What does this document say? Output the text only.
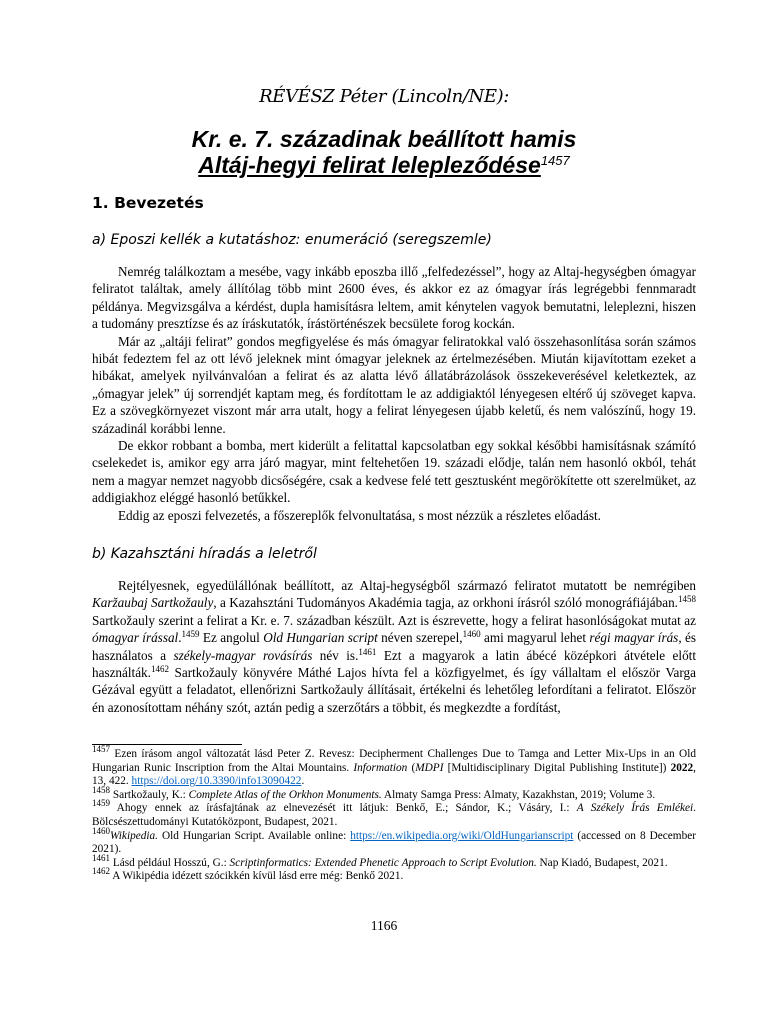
RÉVÉSZ Péter (Lincoln/NE):
Kr. e. 7. századinak beállított hamis
Altáj-hegyi felirat lelepleződése$^{1457}$
1. Bevezetés
a) Eposzi kellék a kutatáshoz: enumeráció (seregszemle)

Nemrég találkoztam a mesébe, vagy inkább eposzba illő „felfedezéssel”, hogy az Altaj-hegységben ómagyar feliratot találtak, amely állítólag több mint 2600 éves, és akkor ez az ómagyar írás legrégebbi fennmaradt példánya. Megvizsgálva a kérdést, dupla hamisításra leltem, amit kénytelen vagyok bemutatni, leleplezni, hiszen a tudomány presztízse és az íráskutatók, írástörténészek becsülete forog kockán.

Már az „altáji felirat” gondos megfigyelése és más ómagyar feliratokkal való összehasonlítása során számos hibát fedeztem fel az ott lévő jeleknek mint ómagyar jeleknek az értelmezésében. Miután kijavítottam ezeket a hibákat, amelyek nyilvánvalóan a felirat és az alatta lévő állatábrázolások összekeverésével keletkeztek, az „ómagyar jelek” új sorrendjét kaptam meg, és fordítottam le az addigiaktól lényegesen eltérő új szöveget kapva. Ez a szövegkörnyezet viszont már arra utalt, hogy a felirat lényegesen újabb keletű, és nem valószínű, hogy 19. századinál korábbi lenne.

De ekkor robbant a bomba, mert kiderült a felitattal kapcsolatban egy sokkal későbbi hamisításnak számító cselekedet is, amikor egy arra járó magyar, mint feltehetően 19. századi elődje, talán nem hasonló okból, tehát nem a magyar nemzet nagyobb dicsőségére, csak a kedvese felé tett gesztusként megörökítette ott szerelmüket, az addigiakhoz eléggé hasonló betűkkel.

Eddig az eposzi felvezetés, a főszereplők felvonultatása, s most nézzük a részletes előadást.

b) Kazahsztáni híradás a leletről

Rejtélyesnek, egyedülállónak beállított, az Altaj-hegységből származó feliratot mutatott be nemrégiben Karžaubaj Sartkožauly, a Kazahsztáni Tudományos Akadémia tagja, az orkhoni írásról szóló monográfiájában.$^{1458}$ Sartkožauly szerint a felirat a Kr. e. 7. században készült. Azt is észrevette, hogy a felirat hasonlóságokat mutat az ómagyar írással.$^{1459}$ Ez angolul Old Hungarian script néven szerepel,$^{1460}$ ami magyarul lehet régi magyar írás, és használatos a székely-magyar rovásírás név is.$^{1461}$ Ezt a magyarok a latin ábécé középkori átvétele előtt használták.$^{1462}$ Sartkožauly könyvére Máthé Lajos hívta fel a közfigyelmet, és így vállaltam el először Varga Gézával együtt a feladatot, ellenőrizni Sartkožauly állításait, értékelni és lehetőleg lefordítani a feliratot. Először én azonosítottam néhány szót, aztán pedig a szerzőtárs a többit, és megkezdte a fordítást,

$^{1457}$ Ezen írásom angol változatát lásd Peter Z. Revesz: Decipherment Challenges Due to Tamga and Letter Mix-Ups in an Old Hungarian Runic Inscription from the Altai Mountains. Information (MDPI [Multidisciplinary Digital Publishing Institute]) 2022, 13, 422. https://doi.org/10.3390/info13090422.
$^{1458}$ Sartkožauly, K.: Complete Atlas of the Orkhon Monuments. Almaty Samga Press: Almaty, Kazakhstan, 2019; Volume 3.
$^{1459}$ Ahogy ennek az írásfajtának az elnevezését itt látjuk: Benkő, E.; Sándor, K.; Vásáry, I.: A Székely Írás Emlékei. Bölcsészettudományi Kutatóközpont, Budapest, 2021.
$^{1460}$Wikipedia. Old Hungarian Script. Available online: https://en.wikipedia.org/wiki/OldHungarianscript (accessed on 8 December 2021).
$^{1461}$ Lásd például Hosszú, G.: Scriptinformatics: Extended Phenetic Approach to Script Evolution. Nap Kiadó, Budapest, 2021.
$^{1462}$ A Wikipédia idézett szócikkén kívül lásd erre még: Benkő 2021.
1166
